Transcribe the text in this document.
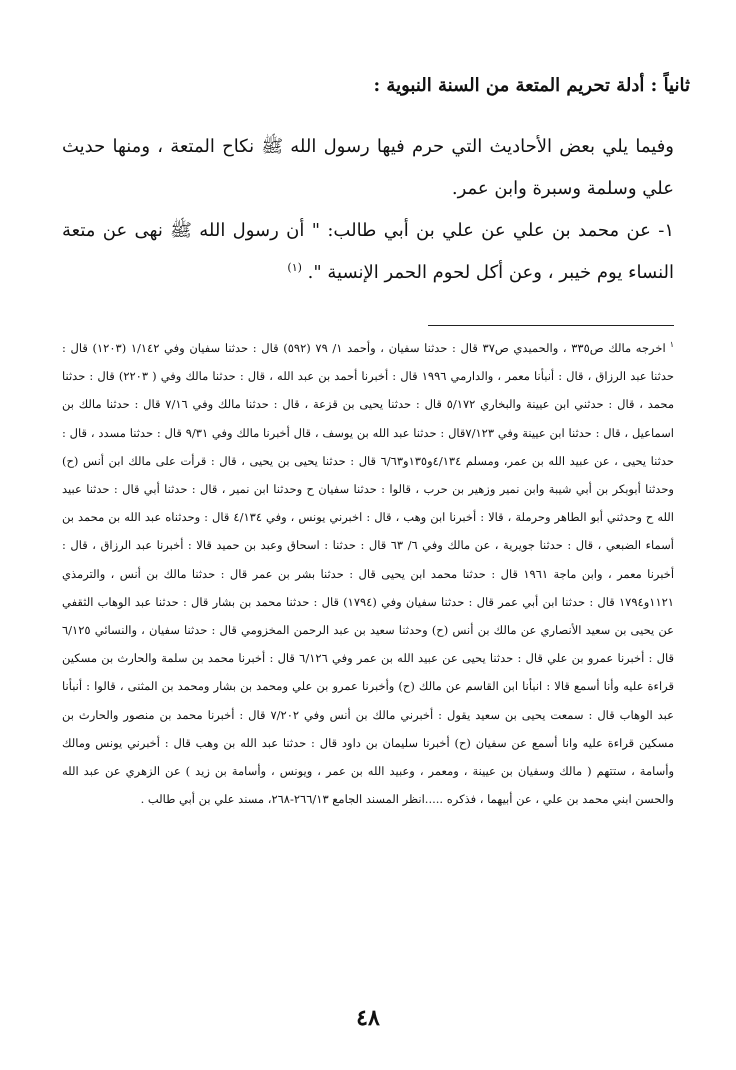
ثانياً : أدلة تحريم المتعة من السنة النبوية :

وفيما يلي بعض الأحاديث التي حرم فيها رسول الله ﷺ نكاح المتعة ، ومنها حديث علي وسلمة وسبرة وابن عمر.

١- عن محمد بن علي عن علي بن أبي طالب: " أن رسول الله ﷺ نهى عن متعة النساء يوم خيبر ، وعن أكل لحوم الحمر الإنسية ". $^{(١)}$

$^١$اخرجه مالك ص٣٣٥ ، والحميدي ص٣٧ قال : حدثنا سفيان ، وأحمد ١/ ٧٩ (٥٩٢) قال : حدثنا سفيان وفي ١/١٤٢ (١٢٠٣) قال : حدثنا عبد الرزاق ، قال : أنبأنا معمر ، والدارمي ١٩٩٦ قال : أخبرنا أحمد بن عبد الله ، قال : حدثنا مالك وفي ( ٢٢٠٣) قال : حدثنا محمد ، قال : حدثني ابن عيينة والبخاري ٥/١٧٢ قال : حدثنا يحيى بن قزعة ، قال : حدثنا مالك وفي ٧/١٦ قال : حدثنا مالك بن اسماعيل ، قال : حدثنا ابن عيينة وفي ٧/١٢٣قال : حدثنا عبد الله بن يوسف ، قال أخبرنا مالك وفي ٩/٣١ قال : حدثنا مسدد ، قال : حدثنا يحيى ، عن عبيد الله بن عمر، ومسلم ٤/١٣٤و١٣٥و٦/٦٣ قال : حدثنا يحيى بن يحيى ، قال : قرأت على مالك ابن أنس (ح) وحدثنا أبوبكر بن أبي شيبة وابن نمير وزهير بن حرب ، قالوا : حدثنا سفيان ح وحدثنا ابن نمير ، قال : حدثنا أبي قال : حدثنا عبيد الله ح وحدثني أبو الطاهر وحرملة ، قالا : أخبرنا ابن وهب ، قال : اخبرني يونس ، وفي ٤/١٣٤ قال : وحدثناه عبد الله بن محمد بن أسماء الضبعي ، قال : حدثنا جويرية ، عن مالك وفي ٦/ ٦٣ قال : حدثنا : اسحاق وعبد بن حميد قالا : أخبرنا عبد الرزاق ، قال : أخبرنا معمر ، وابن ماجة ١٩٦١ قال : حدثنا محمد ابن يحيى قال : حدثنا بشر بن عمر قال : حدثنا مالك بن أنس ، والترمذي ١١٢١و١٧٩٤ قال : حدثنا ابن أبي عمر قال : حدثنا سفيان وفي (١٧٩٤) قال : حدثنا محمد بن بشار قال : حدثنا عبد الوهاب الثقفي عن يحيى بن سعيد الأنصاري عن مالك بن أنس (ح) وحدثنا سعيد بن عبد الرحمن المخزومي قال : حدثنا سفيان ، والنسائي ٦/١٢٥ قال : أخبرنا عمرو بن علي قال : حدثنا يحيى عن عبيد الله بن عمر وفي ٦/١٢٦ قال : أخبرنا محمد بن سلمة والحارث بن مسكين قراءة عليه وأنا أسمع قالا : انبأنا ابن القاسم عن مالك (ح) وأخبرنا عمرو بن علي ومحمد بن بشار ومحمد بن المثنى ، قالوا : أنبأنا عبد الوهاب قال : سمعت يحيى بن سعيد يقول : أخبرني مالك بن أنس وفي ٧/٢٠٢ قال : أخبرنا محمد بن منصور والحارث بن مسكين قراءة عليه وانا أسمع عن سفيان (ح) أخبرنا سليمان بن داود قال : حدثنا عبد الله بن وهب قال : أخبرني يونس ومالك وأسامة ، ستتهم ( مالك وسفيان بن عيينة ، ومعمر ، وعبيد الله بن عمر ، ويونس ، وأسامة بن زيد ) عن الزهري عن عبد الله والحسن ابني محمد بن علي ، عن أبيهما ، فذكره .....انظر المسند الجامع ٢٦٦/١٣-٢٦٨، مسند علي بن أبي طالب .
٤٨
